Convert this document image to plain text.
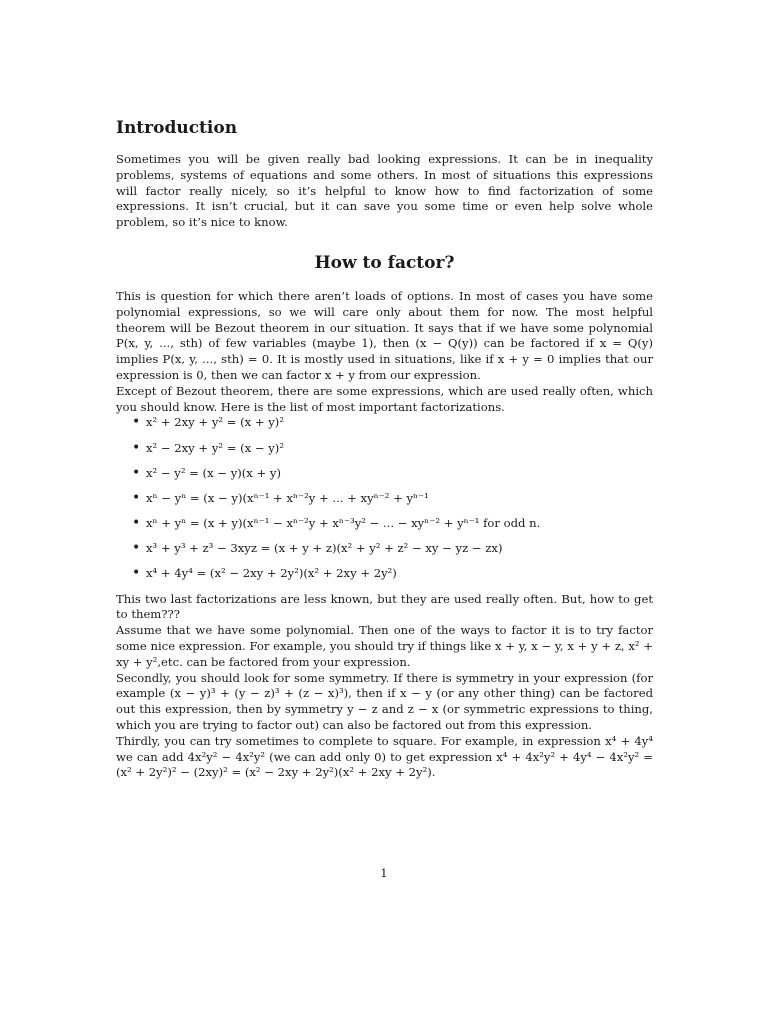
Introduction

Sometimes you will be given really bad looking expressions. It can be in inequality problems, systems of equations and some others. In most of situations this expressions will factor really nicely, so it’s helpful to know how to find factorization of some expressions. It isn’t crucial, but it can save you some time or even help solve whole problem, so it’s nice to know.

How to factor?

This is question for which there aren’t loads of options. In most of cases you have some polynomial expressions, so we will care only about them for now. The most helpful theorem will be Bezout theorem in our situation. It says that if we have some polynomial P(x, y, ..., sth) of few variables (maybe 1), then (x − Q(y)) can be factored if x = Q(y) implies P(x, y, ..., sth) = 0. It is mostly used in situations, like if x + y = 0 implies that our expression is 0, then we can factor x + y from our expression.

Except of Bezout theorem, there are some expressions, which are used really often, which you should know. Here is the list of most important factorizations.

• x² + 2xy + y² = (x + y)²
• x² − 2xy + y² = (x − y)²
• x² − y² = (x − y)(x + y)
• xⁿ − yⁿ = (x − y)(xⁿ⁻¹ + xⁿ⁻²y + ... + xyⁿ⁻² + yⁿ⁻¹
• xⁿ + yⁿ = (x + y)(xⁿ⁻¹ − xⁿ⁻²y + xⁿ⁻³y² − ... − xyⁿ⁻² + yⁿ⁻¹ for odd n.
• x³ + y³ + z³ − 3xyz = (x + y + z)(x² + y² + z² − xy − yz − zx)
• x⁴ + 4y⁴ = (x² − 2xy + 2y²)(x² + 2xy + 2y²)

This two last factorizations are less known, but they are used really often. But, how to get to them???

Assume that we have some polynomial. Then one of the ways to factor it is to try factor some nice expression. For example, you should try if things like x + y, x − y, x + y + z, x² + xy + y²,etc. can be factored from your expression.

Secondly, you should look for some symmetry. If there is symmetry in your expression (for example (x − y)³ + (y − z)³ + (z − x)³), then if x − y (or any other thing) can be factored out this expression, then by symmetry y − z and z − x (or symmetric expressions to thing, which you are trying to factor out) can also be factored out from this expression.

Thirdly, you can try sometimes to complete to square. For example, in expression x⁴ + 4y⁴ we can add 4x²y² − 4x²y² (we can add only 0) to get expression x⁴ + 4x²y² + 4y⁴ − 4x²y² = (x² + 2y²)² − (2xy)² = (x² − 2xy + 2y²)(x² + 2xy + 2y²).

1
